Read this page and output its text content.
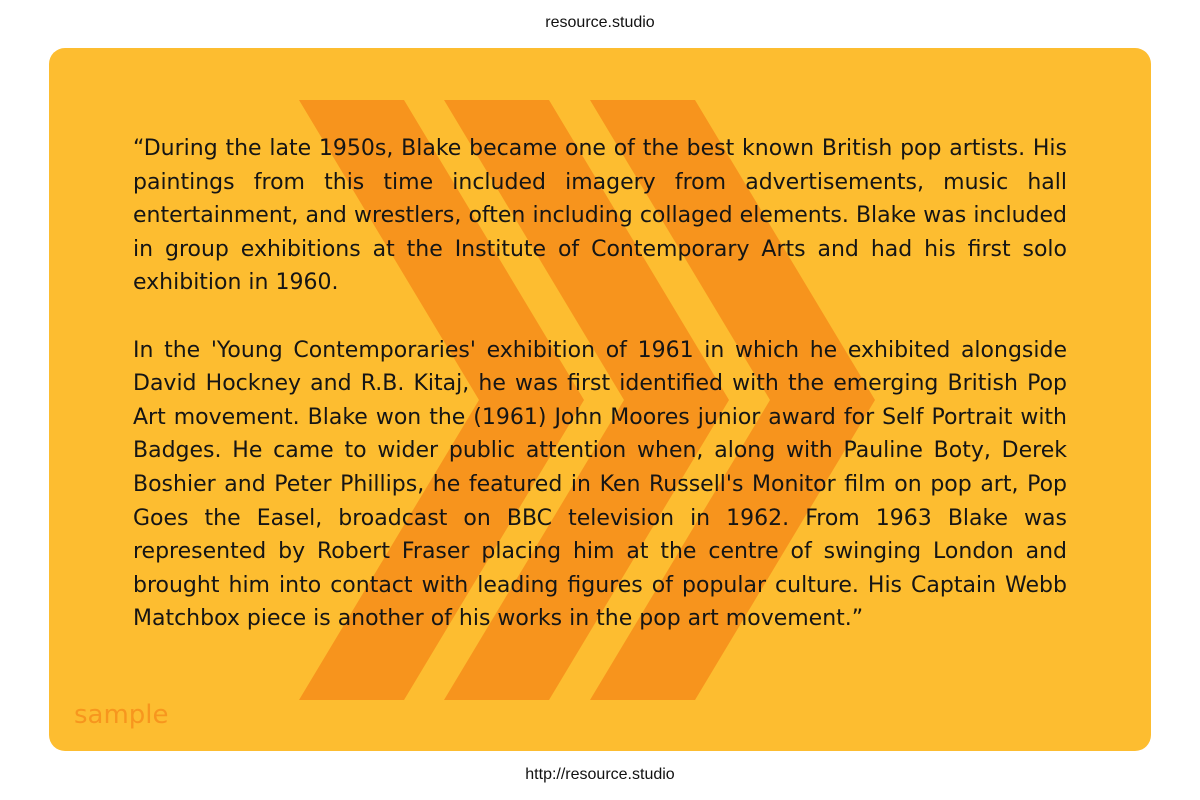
resource.studio

“During the late 1950s, Blake became one of the best known British pop artists. His paintings from this time included imagery from advertisements, music hall entertainment, and wrestlers, often including collaged elements. Blake was included in group exhibitions at the Institute of Contemporary Arts and had his first solo exhibition in 1960.

In the 'Young Contemporaries' exhibition of 1961 in which he exhibited alongside David Hockney and R.B. Kitaj, he was first identified with the emerging British Pop Art movement. Blake won the (1961) John Moores junior award for Self Portrait with Badges. He came to wider public attention when, along with Pauline Boty, Derek Boshier and Peter Phillips, he featured in Ken Russell's Monitor film on pop art, Pop Goes the Easel, broadcast on BBC television in 1962. From 1963 Blake was represented by Robert Fraser placing him at the centre of swinging London and brought him into contact with leading figures of popular culture. His Captain Webb Matchbox piece is another of his works in the pop art movement.”

sample
http://resource.studio
